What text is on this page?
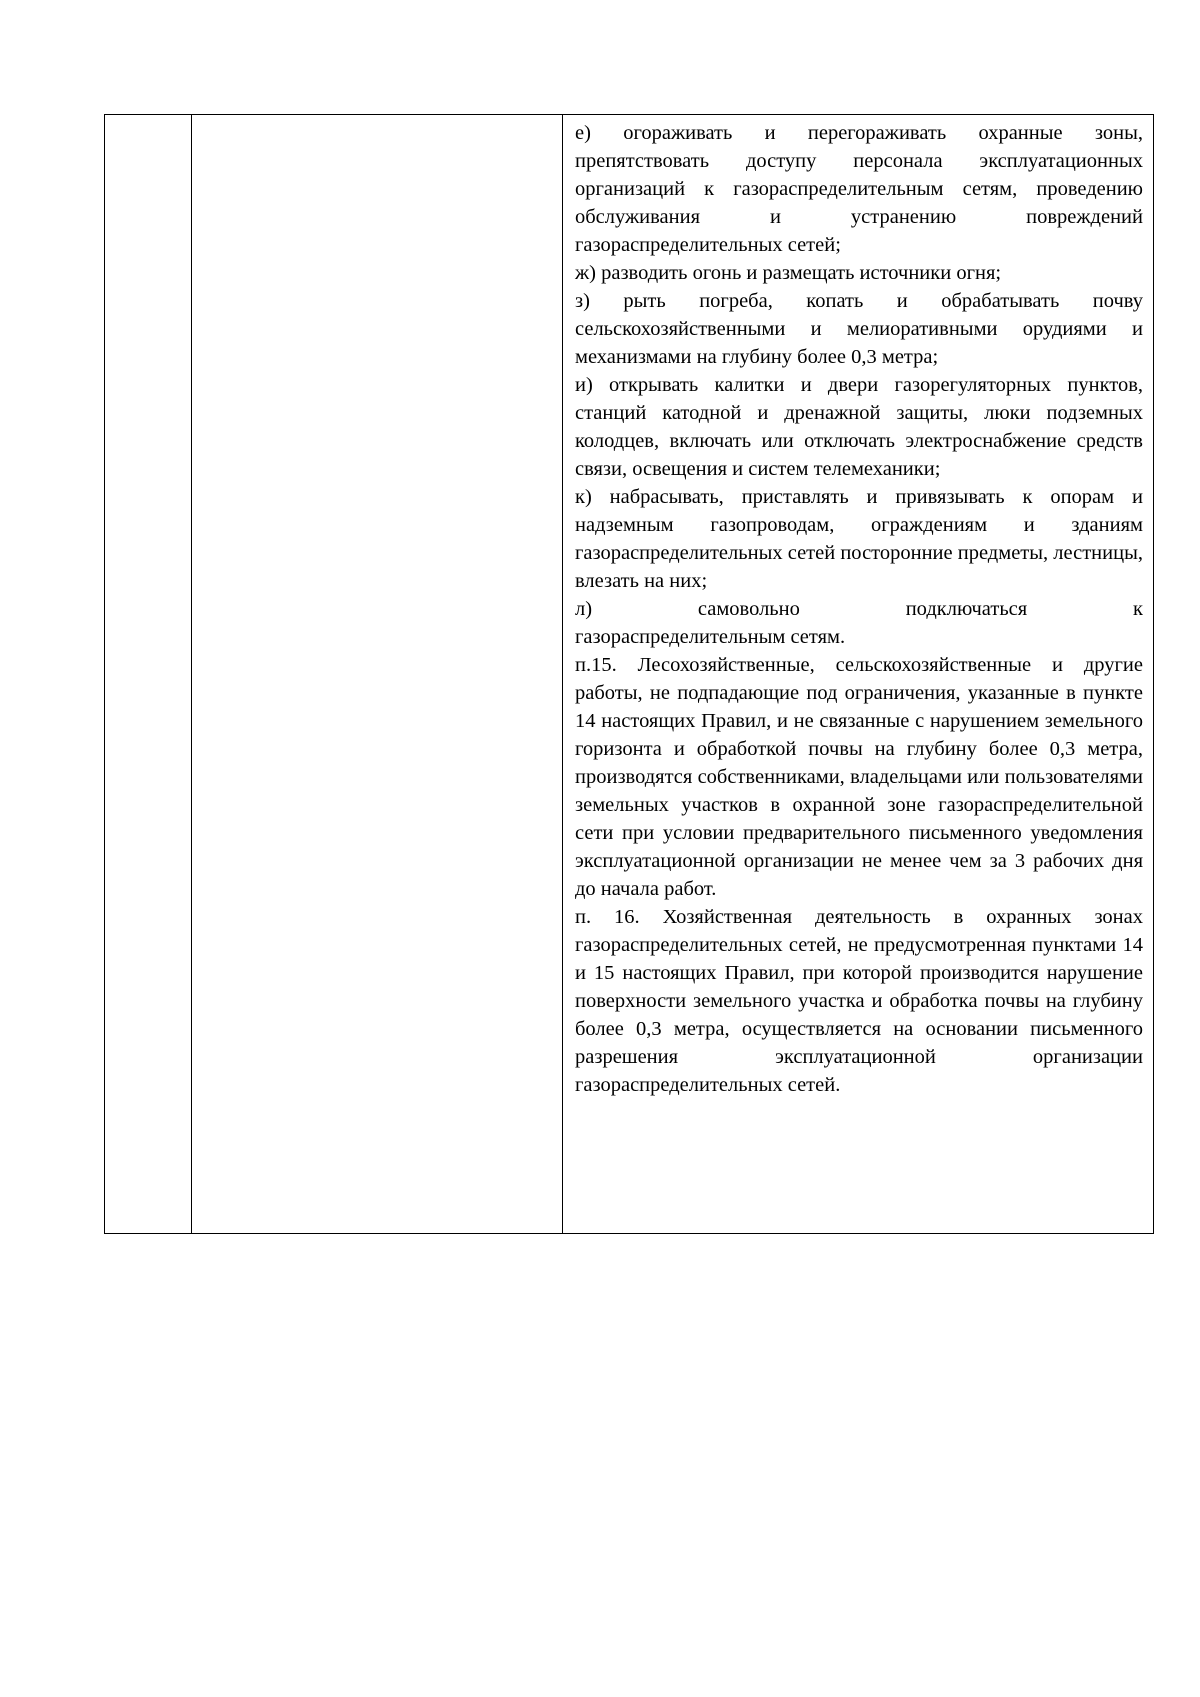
е) огораживать и перегораживать охранные зоны, препятствовать доступу персонала эксплуатационных организаций к газораспределительным сетям, проведению обслуживания и устранению повреждений газораспределительных сетей;

ж) разводить огонь и размещать источники огня;

з) рыть погреба, копать и обрабатывать почву сельскохозяйственными и мелиоративными орудиями и механизмами на глубину более 0,3 метра;

и) открывать калитки и двери газорегуляторных пунктов, станций катодной и дренажной защиты, люки подземных колодцев, включать или отключать электроснабжение средств связи, освещения и систем телемеханики;

к) набрасывать, приставлять и привязывать к опорам и надземным газопроводам, ограждениям и зданиям газораспределительных сетей посторонние предметы, лестницы, влезать на них;

л) самовольно подключаться к

газораспределительным сетям.

п.15. Лесохозяйственные, сельскохозяйственные и другие работы, не подпадающие под ограничения, указанные в пункте 14 настоящих Правил, и не связанные с нарушением земельного горизонта и обработкой почвы на глубину более 0,3 метра, производятся собственниками, владельцами или пользователями земельных участков в охранной зоне газораспределительной сети при условии предварительного письменного уведомления эксплуатационной организации не менее чем за 3 рабочих дня до начала работ.

п. 16. Хозяйственная деятельность в охранных зонах газораспределительных сетей, не предусмотренная пунктами 14 и 15 настоящих Правил, при которой производится нарушение поверхности земельного участка и обработка почвы на глубину более 0,3 метра, осуществляется на основании письменного разрешения эксплуатационной организации газораспределительных сетей.
